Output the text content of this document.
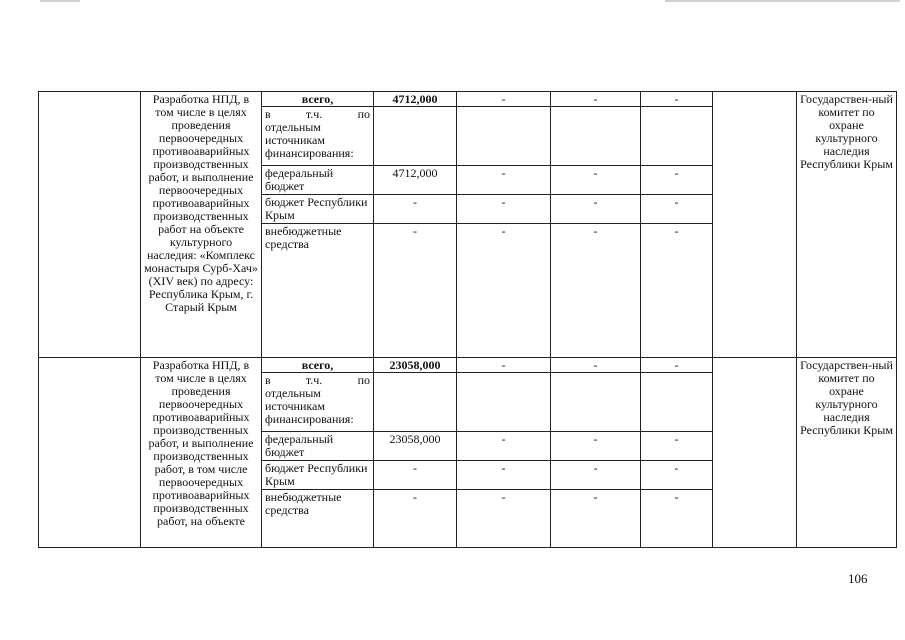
	Разработка НПД, в том числе в целях проведения первоочередных противоаварийных производственных работ, и выполнение первоочередных противоаварийных производственных работ на объекте культурного наследия: «Комплекс монастыря Сурб-Хач» (XIV век) по адресу: Республика Крым, г. Старый Крым	всего,	4712,000	-	-	-		Государствен-ный комитет по охране культурного наследия Республики Крым

		в т.ч. по
отдельным источникам финансирования:						
		федеральный бюджет	4712,000	-	-	-		
		бюджет Республики Крым	-	-	-	-		
		внебюджетные средства	-	-	-	-		
	Разработка НПД, в том числе в целях проведения первоочередных противоаварийных производственных работ, и выполнение производственных работ, в том числе первоочередных противоаварийных производственных работ, на объекте	всего,	23058,000	-	-	-		Государствен-ный комитет по охране культурного наследия Республики Крым

		в т.ч. по
отдельным источникам финансирования:						
		федеральный бюджет	23058,000	-	-	-		
		бюджет Республики Крым	-	-	-	-		
		внебюджетные средства	-	-	-	-		
106
